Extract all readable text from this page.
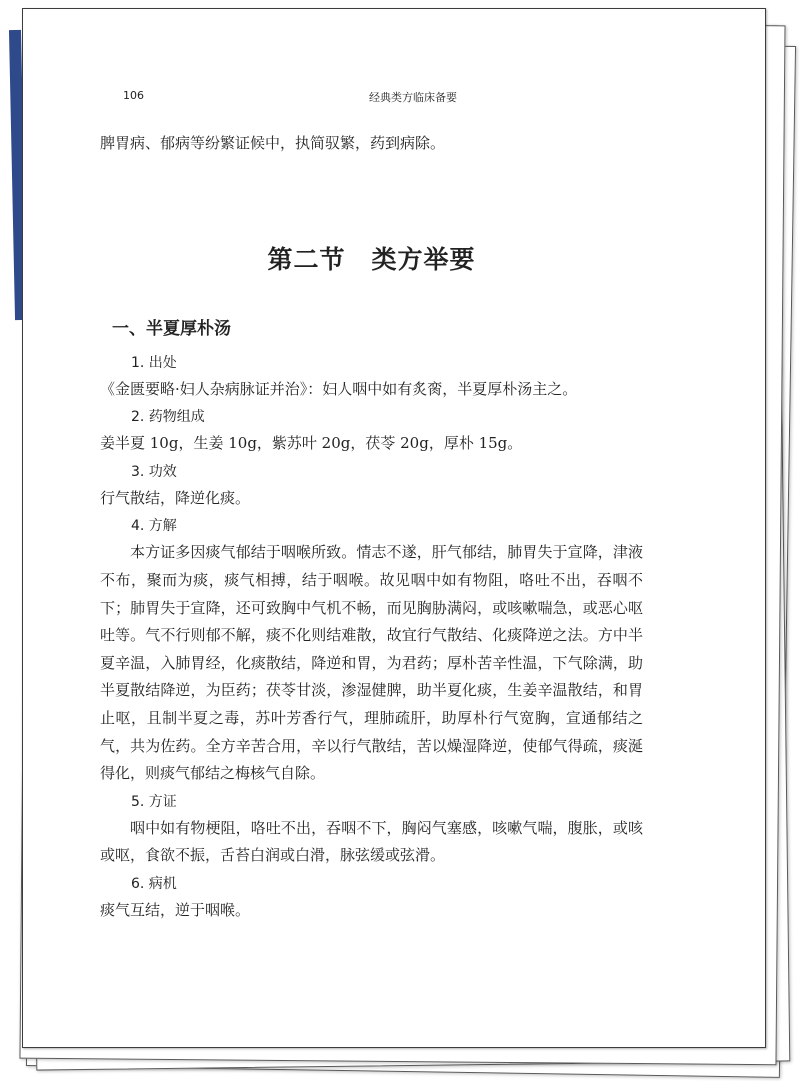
106	经典类方临床备要

脾胃病、郁病等纷繁证候中，执简驭繁，药到病除。

第二节 类方举要
一、半夏厚朴汤
1. 出处

《金匮要略·妇人杂病脉证并治》：妇人咽中如有炙脔，半夏厚朴汤主之。

2. 药物组成

姜半夏 10g，生姜 10g，紫苏叶 20g，茯苓 20g，厚朴 15g。

3. 功效

行气散结，降逆化痰。

4. 方解

本方证多因痰气郁结于咽喉所致。情志不遂，肝气郁结，肺胃失于宣降，津液不布，聚而为痰，痰气相搏，结于咽喉。故见咽中如有物阻，咯吐不出，吞咽不下；肺胃失于宣降，还可致胸中气机不畅，而见胸胁满闷，或咳嗽喘急，或恶心呕吐等。气不行则郁不解，痰不化则结难散，故宜行气散结、化痰降逆之法。方中半夏辛温，入肺胃经，化痰散结，降逆和胃，为君药；厚朴苦辛性温，下气除满，助半夏散结降逆，为臣药；茯苓甘淡，渗湿健脾，助半夏化痰，生姜辛温散结，和胃止呕，且制半夏之毒，苏叶芳香行气，理肺疏肝，助厚朴行气宽胸，宣通郁结之气，共为佐药。全方辛苦合用，辛以行气散结，苦以燥湿降逆，使郁气得疏，痰涎得化，则痰气郁结之梅核气自除。

5. 方证

咽中如有物梗阻，咯吐不出，吞咽不下，胸闷气塞感，咳嗽气喘，腹胀，或咳或呕，食欲不振，舌苔白润或白滑，脉弦缓或弦滑。

6. 病机

痰气互结，逆于咽喉。
